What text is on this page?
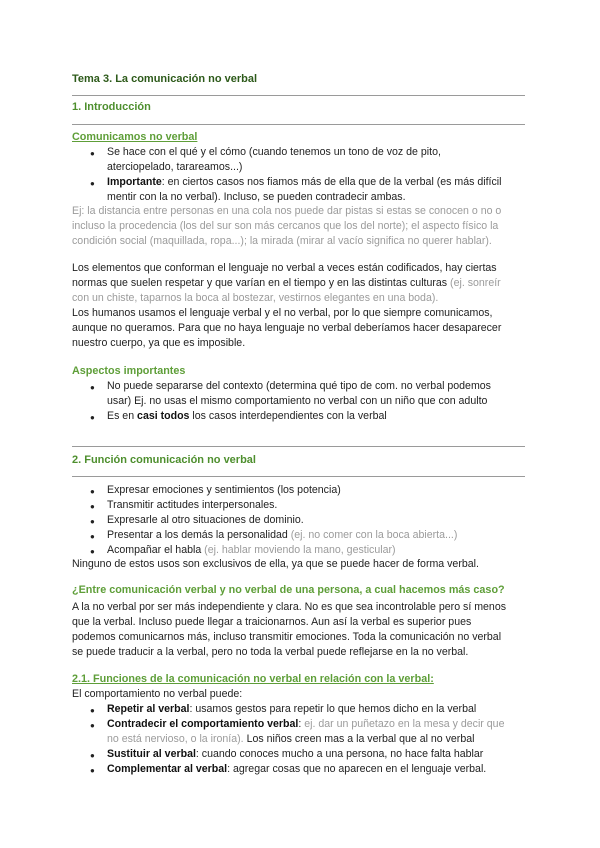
Tema 3. La comunicación no verbal
1. Introducción
Comunicamos no verbal
● Se hace con el qué y el cómo (cuando tenemos un tono de voz de pito,
aterciopelado, tarareamos...)
● Importante: en ciertos casos nos fiamos más de ella que de la verbal (es más difícil
mentir con la no verbal). Incluso, se pueden contradecir ambas.
Ej: la distancia entre personas en una cola nos puede dar pistas si estas se conocen o no o
incluso la procedencia (los del sur son más cercanos que los del norte); el aspecto físico la
condición social (maquillada, ropa...); la mirada (mirar al vacío significa no querer hablar).
Los elementos que conforman el lenguaje no verbal a veces están codificados, hay ciertas
normas que suelen respetar y que varían en el tiempo y en las distintas culturas (ej. sonreír
con un chiste, taparnos la boca al bostezar, vestirnos elegantes en una boda).
Los humanos usamos el lenguaje verbal y el no verbal, por lo que siempre comunicamos,
aunque no queramos. Para que no haya lenguaje no verbal deberíamos hacer desaparecer
nuestro cuerpo, ya que es imposible.
Aspectos importantes
● No puede separarse del contexto (determina qué tipo de com. no verbal podemos
usar) Ej. no usas el mismo comportamiento no verbal con un niño que con adulto
● Es en casi todos los casos interdependientes con la verbal
2. Función comunicación no verbal
● Expresar emociones y sentimientos (los potencia)
● Transmitir actitudes interpersonales.
● Expresarle al otro situaciones de dominio.
● Presentar a los demás la personalidad (ej. no comer con la boca abierta...)
● Acompañar el habla (ej. hablar moviendo la mano, gesticular)
Ninguno de estos usos son exclusivos de ella, ya que se puede hacer de forma verbal.
¿Entre comunicación verbal y no verbal de una persona, a cual hacemos más caso?
A la no verbal por ser más independiente y clara. No es que sea incontrolable pero sí menos
que la verbal. Incluso puede llegar a traicionarnos. Aun así la verbal es superior pues
podemos comunicarnos más, incluso transmitir emociones. Toda la comunicación no verbal
se puede traducir a la verbal, pero no toda la verbal puede reflejarse en la no verbal.
2.1. Funciones de la comunicación no verbal en relación con la verbal:
El comportamiento no verbal puede:
● Repetir al verbal: usamos gestos para repetir lo que hemos dicho en la verbal
● Contradecir el comportamiento verbal: ej. dar un puñetazo en la mesa y decir que
no está nervioso, o la ironía). Los niños creen mas a la verbal que al no verbal
● Sustituir al verbal: cuando conoces mucho a una persona, no hace falta hablar
● Complementar al verbal: agregar cosas que no aparecen en el lenguaje verbal.
